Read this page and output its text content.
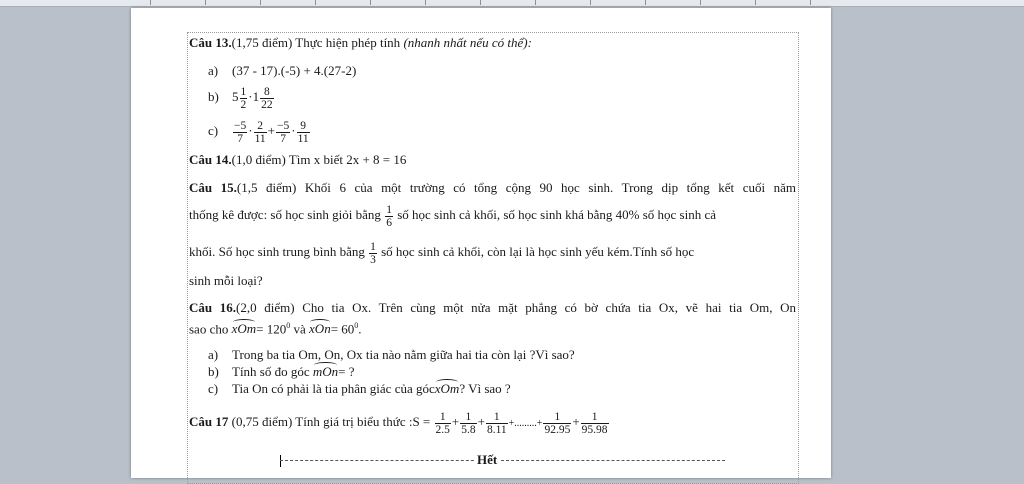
Câu 13.(1,75 điểm) Thực hiện phép tính (nhanh nhất nếu có thể):
a) (37 - 17).(-5) + 4.(27-2)
b) $5 \frac{1}{2} \cdot 1 \frac{8}{22}$
$c) \frac{-5}{7} \cdot \frac{2}{11} + \frac{-5}{7} \cdot \frac{9}{11}$
Câu 14.(1,0 điểm) Tìm x biết 2x + 8 = 16
Câu 15.(1,5 điểm) Khối 6 của một trường có tổng cộng 90 học sinh. Trong dịp tổng kết cuối năm
thống kê được: số học sinh giỏi bằng $\frac{1}{6}$ số học sinh cả khối, số học sinh khá bằng 40% số học sinh cả
khối. Số học sinh trung bình bằng $\frac{1}{3}$ số học sinh cả khối, còn lại là học sinh yếu kém.Tính số học
sinh mỗi loại?
Câu 16.(2,0 điểm) Cho tia Ox. Trên cùng một nửa mặt phẳng có bờ chứa tia Ox, vẽ hai tia Om, On
sao cho $xOm= 120^0$ và $xOn= 60^0$.
a) Trong ba tia Om, On, Ox tia nào nằm giữa hai tia còn lại ?Vì sao?
b) Tính số đo góc mOn= ?
c) Tia On có phải là tia phân giác của gócxOm? Vì sao ?
Câu 17 (0,75 điểm) Tính giá trị biểu thức :S = $\frac{1}{2.5} + \frac{1}{5.8} + \frac{1}{8.11}$ +.........+ $\frac{1}{92.95} + \frac{1}{95.98}$
Hết
